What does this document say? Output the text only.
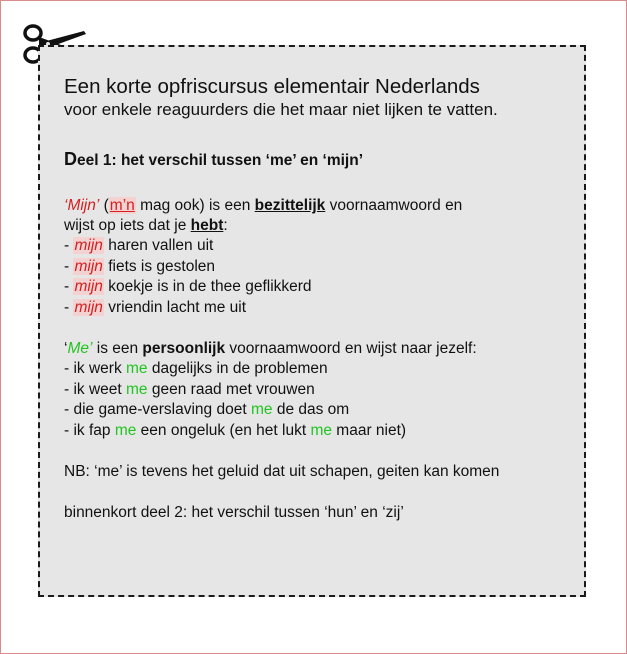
Een korte opfriscursus elementair Nederlands

voor enkele reaguurders die het maar niet lijken te vatten.

Deel 1: het verschil tussen ‘me’ en ‘mijn’

‘Mijn’ (m’n mag ook) is een bezittelijk voornaamwoord en
wijst op iets dat je hebt:

- mijn haren vallen uit
- mijn fiets is gestolen
- mijn koekje is in de thee geflikkerd
- mijn vriendin lacht me uit

‘Me’ is een persoonlijk voornaamwoord en wijst naar jezelf:

- ik werk me dagelijks in de problemen
- ik weet me geen raad met vrouwen
- die game-verslaving doet me de das om
- ik fap me een ongeluk (en het lukt me maar niet)

NB: ‘me’ is tevens het geluid dat uit schapen, geiten kan komen

binnenkort deel 2: het verschil tussen ‘hun’ en ‘zij’
